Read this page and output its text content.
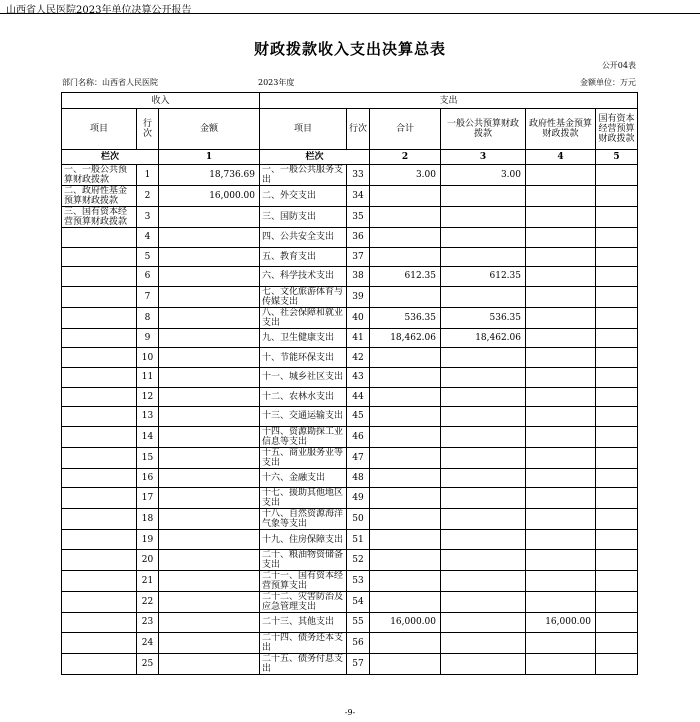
山西省人民医院2023年单位决算公开报告
财政拨款收入支出决算总表
公开04表
部门名称：山西省人民医院	2023年度	金额单位：万元
收入			支出					
项目	行次	金额	项目	行次	合计	一般公共预算财政拨款	政府性基金预算财政拨款	国有资本经营预算财政拨款
栏次		1	栏次		2	3	4	5
一、一般公共预算财政拨款	1	18,736.69	一、一般公共服务支出	33	3.00	3.00		
二、政府性基金预算财政拨款	2	16,000.00	二、外交支出	34				
三、国有资本经营预算财政拨款	3		三、国防支出	35				
	4		四、公共安全支出	36				
	5		五、教育支出	37				
	6		六、科学技术支出	38	612.35	612.35		
	7		七、文化旅游体育与传媒支出	39				
	8		八、社会保障和就业支出	40	536.35	536.35		
	9		九、卫生健康支出	41	18,462.06	18,462.06		
	10		十、节能环保支出	42				
	11		十一、城乡社区支出	43				
	12		十二、农林水支出	44				
	13		十三、交通运输支出	45				
	14		十四、资源勘探工业信息等支出	46				
	15		十五、商业服务业等支出	47				
	16		十六、金融支出	48				
	17		十七、援助其他地区支出	49				
	18		十八、自然资源海洋气象等支出	50				
	19		十九、住房保障支出	51				
	20		二十、粮油物资储备支出	52				
	21		二十一、国有资本经营预算支出	53				
	22		二十二、灾害防治及应急管理支出	54				
	23		二十三、其他支出	55	16,000.00		16,000.00	
	24		二十四、债务还本支出	56				
	25		二十五、债务付息支出	57				
-9-
